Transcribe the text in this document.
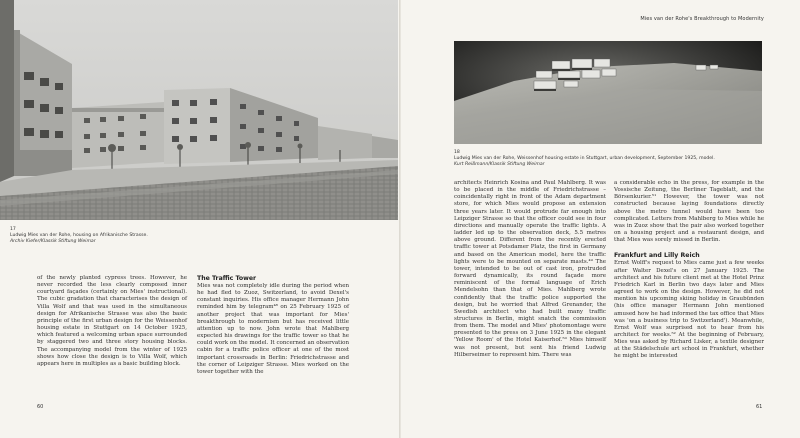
17
Ludwig Mies van der Rohe, housing on Afrikanische Strasse.
Archiv Kiefer/Klassik Stiftung Weimar

of the newly planted cypress trees. However, he never recorded the less clearly composed inner courtyard façades (certainly on Mies' instructional). The cubic gradation that characterises the design of Villa Wolf and that was used in the simultaneous design for Afrikanische Strasse was also the basic principle of the first urban design for the Weissenhof housing estate in Stuttgart on 14 October 1925, which featured a welcoming urban space surrounded by staggered two and three story housing blocks. The accompanying model from the winter of 1925 shows how close the design is to Villa Wolf, which appears here in multiples as a basic building block.

The Traffic Tower

Mies was not completely idle during the period when he had fled to Zuoz, Switzerland, to avoid Dexel's constant inquiries. His office manager Hermann John reminded him by telegram⁴⁸ on 25 February 1925 of another project that was important for Mies' breakthrough to modernism but has received little attention up to now. John wrote that Mahlberg expected his drawings for the traffic tower so that he could work on the model. It concerned an observation cabin for a traffic police officer at one of the most important crossroads in Berlin: Friedrichstrasse and the corner of Leipziger Strasse. Mies worked on the tower together with the

60
Mies van der Rohe's Breakthrough to Modernity
18
Ludwig Mies van der Rohe, Weissenhof housing estate in Stuttgart, urban development, September 1925, model.
Kurt Reißmann/Klassik Stiftung Weimar

architects Heinrich Kosina and Paul Mahlberg. It was to be placed in the middle of Friedrichstrasse – coincidentally right in front of the Adam department store, for which Mies would propose an extension three years later. It would protrude far enough into Leipziger Strasse so that the officer could see in four directions and manually operate the traffic lights. A ladder led up to the observation deck, 5.5 metres above ground. Different from the recently erected traffic tower at Potsdamer Platz, the first in Germany and based on the American model, here the traffic lights were to be mounted on separate masts.⁴⁹ The tower, intended to be out of cast iron, protruded forward dynamically, its round façade more reminiscent of the formal language of Erich Mendelsohn than that of Mies. Mahlberg wrote confidently that the traffic police supported the design, but he worried that Alfred Grenander, the Swedish architect who had built many traffic structures in Berlin, might snatch the commission from them. The model and Mies' photomontage were presented to the press on 3 June 1925 in the elegant 'Yellow Room' of the Hotel Kaiserhof.⁵⁰ Mies himself was not present, but sent his friend Ludwig Hilberseimer to represent him. There was

a considerable echo in the press, for example in the Vossische Zeitung, the Berliner Tageblatt, and the Börsenkurier.⁵¹ However, the tower was not constructed because laying foundations directly above the metro tunnel would have been too complicated. Letters from Mahlberg to Mies while he was in Zuoz show that the pair also worked together on a housing project and a restaurant design, and that Mies was sorely missed in Berlin.

Frankfurt and Lilly Reich

Ernst Wolff's request to Mies came just a few weeks after Walter Dexel's on 27 January 1925. The architect and his future client met at the Hotel Prinz Friedrich Karl in Berlin two days later and Mies agreed to work on the design. However, he did not mention his upcoming skiing holiday in Graubünden (his office manager Hermann John mentioned amused how he had informed the tax office that Mies was 'on a business trip to Switzerland'). Meanwhile, Ernst Wolf was surprised not to hear from his architect for weeks.⁵² At the beginning of February, Mies was asked by Richard Lisker, a textile designer at the Städelschule art school in Frankfurt, whether he might be interested

61
